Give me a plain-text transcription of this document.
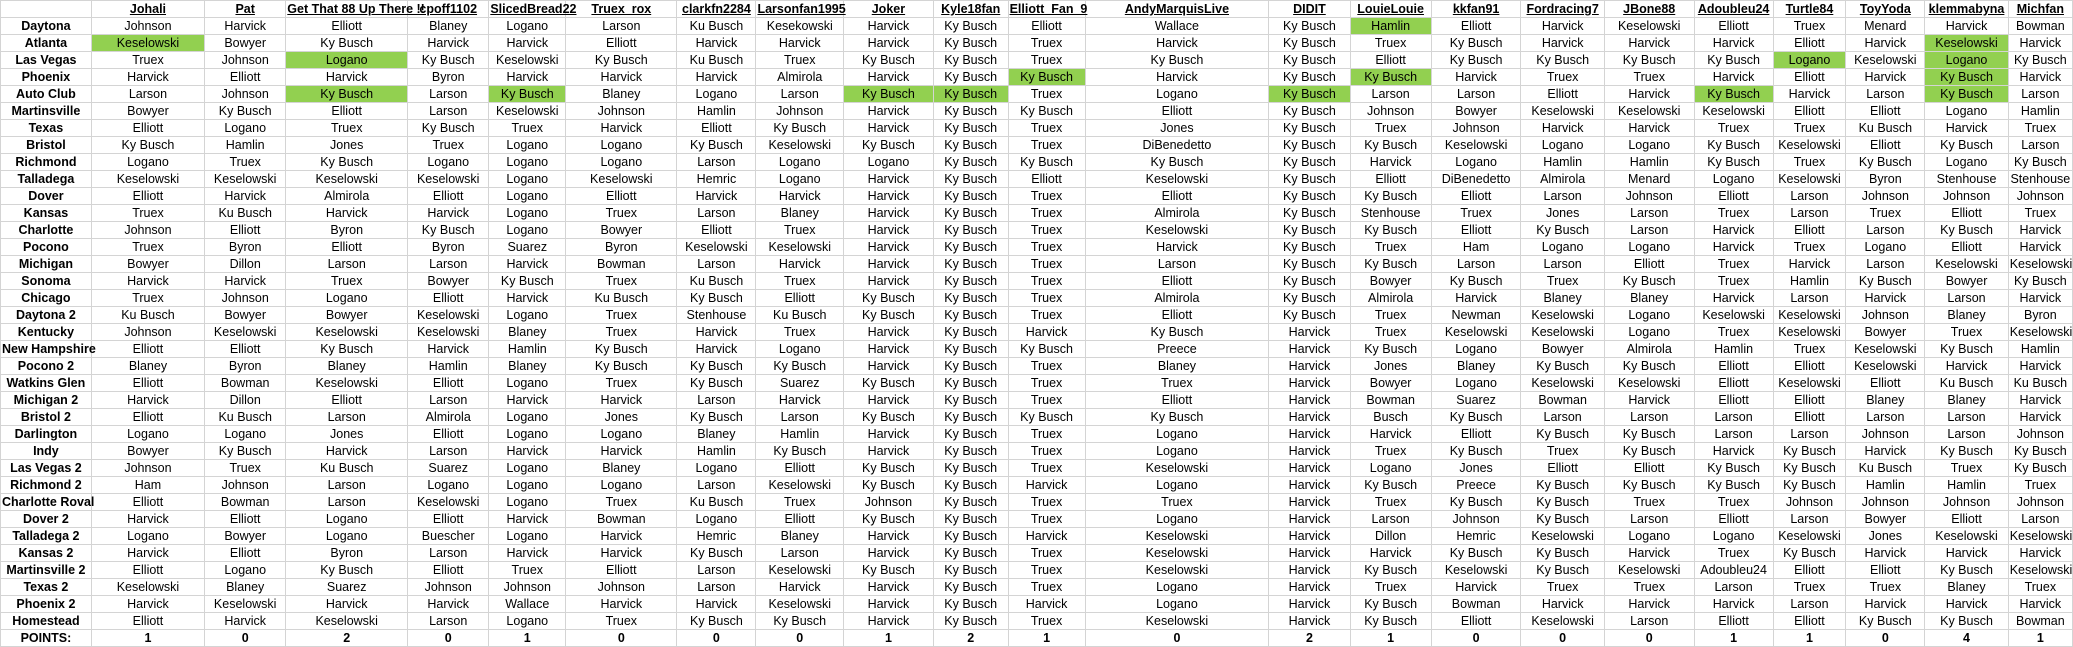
	Johali	Pat	Get That 88 Up There !!	cpoff1102	SlicedBread22	Truex_rox	clarkfn2284	Larsonfan1995	Joker	Kyle18fan	Elliott_Fan_9	AndyMarquisLive	DIDIT	LouieLouie	kkfan91	Fordracing7	JBone88	Adoubleu24	Turtle84	ToyYoda	klemmabyna	Michfan
Daytona	Johnson	Harvick	Elliott	Blaney	Logano	Larson	Ku Busch	Kesekowski	Harvick	Ky Busch	Elliott	Wallace	Ky Busch	Hamlin	Elliott	Harvick	Keselowski	Elliott	Truex	Menard	Harvick	Bowman
Atlanta	Keselowski	Bowyer	Ky Busch	Harvick	Harvick	Elliott	Harvick	Harvick	Harvick	Ky Busch	Truex	Harvick	Ky Busch	Truex	Ky Busch	Harvick	Harvick	Harvick	Elliott	Harvick	Keselowski	Harvick
Las Vegas	Truex	Johnson	Logano	Ky Busch	Keselowski	Ky Busch	Ku Busch	Truex	Ky Busch	Ky Busch	Truex	Ky Busch	Ky Busch	Elliott	Ky Busch	Ky Busch	Ky Busch	Ky Busch	Logano	Keselowski	Logano	Ky Busch
Phoenix	Harvick	Elliott	Harvick	Byron	Harvick	Harvick	Harvick	Almirola	Harvick	Ky Busch	Ky Busch	Harvick	Ky Busch	Ky Busch	Harvick	Truex	Truex	Harvick	Elliott	Harvick	Ky Busch	Harvick
Auto Club	Larson	Johnson	Ky Busch	Larson	Ky Busch	Blaney	Logano	Larson	Ky Busch	Ky Busch	Truex	Logano	Ky Busch	Larson	Larson	Elliott	Harvick	Ky Busch	Harvick	Larson	Ky Busch	Larson
Martinsville	Bowyer	Ky Busch	Elliott	Larson	Keselowski	Johnson	Hamlin	Johnson	Harvick	Ky Busch	Ky Busch	Elliott	Ky Busch	Johnson	Bowyer	Keselowski	Keselowski	Keselowski	Elliott	Elliott	Logano	Hamlin
Texas	Elliott	Logano	Truex	Ky Busch	Truex	Harvick	Elliott	Ky Busch	Harvick	Ky Busch	Truex	Jones	Ky Busch	Truex	Johnson	Harvick	Harvick	Truex	Truex	Ku Busch	Harvick	Truex
Bristol	Ky Busch	Hamlin	Jones	Truex	Logano	Logano	Ky Busch	Keselowski	Ky Busch	Ky Busch	Truex	DiBenedetto	Ky Busch	Ky Busch	Keselowski	Logano	Logano	Ky Busch	Keselowski	Elliott	Ky Busch	Larson
Richmond	Logano	Truex	Ky Busch	Logano	Logano	Logano	Larson	Logano	Logano	Ky Busch	Ky Busch	Ky Busch	Ky Busch	Harvick	Logano	Hamlin	Hamlin	Ky Busch	Truex	Ky Busch	Logano	Ky Busch
Talladega	Keselowski	Keselowski	Keselowski	Keselowski	Logano	Keselowski	Hemric	Logano	Harvick	Ky Busch	Elliott	Keselowski	Ky Busch	Elliott	DiBenedetto	Almirola	Menard	Logano	Keselowski	Byron	Stenhouse	Stenhouse
Dover	Elliott	Harvick	Almirola	Elliott	Logano	Elliott	Harvick	Harvick	Harvick	Ky Busch	Truex	Elliott	Ky Busch	Ky Busch	Elliott	Larson	Johnson	Elliott	Larson	Johnson	Johnson	Johnson
Kansas	Truex	Ku Busch	Harvick	Harvick	Logano	Truex	Larson	Blaney	Harvick	Ky Busch	Truex	Almirola	Ky Busch	Stenhouse	Truex	Jones	Larson	Truex	Larson	Truex	Elliott	Truex
Charlotte	Johnson	Elliott	Byron	Ky Busch	Logano	Bowyer	Elliott	Truex	Harvick	Ky Busch	Truex	Keselowski	Ky Busch	Ky Busch	Elliott	Ky Busch	Larson	Harvick	Elliott	Larson	Ky Busch	Harvick
Pocono	Truex	Byron	Elliott	Byron	Suarez	Byron	Keselowski	Keselowski	Harvick	Ky Busch	Truex	Harvick	Ky Busch	Truex	Ham	Logano	Logano	Harvick	Truex	Logano	Elliott	Harvick
Michigan	Bowyer	Dillon	Larson	Larson	Harvick	Bowman	Larson	Harvick	Harvick	Ky Busch	Truex	Larson	Ky Busch	Ky Busch	Larson	Larson	Elliott	Truex	Harvick	Larson	Keselowski	Keselowski
Sonoma	Harvick	Harvick	Truex	Bowyer	Ky Busch	Truex	Ku Busch	Truex	Harvick	Ky Busch	Truex	Elliott	Ky Busch	Bowyer	Ky Busch	Truex	Ky Busch	Truex	Hamlin	Ky Busch	Bowyer	Ky Busch
Chicago	Truex	Johnson	Logano	Elliott	Harvick	Ku Busch	Ky Busch	Elliott	Ky Busch	Ky Busch	Truex	Almirola	Ky Busch	Almirola	Harvick	Blaney	Blaney	Harvick	Larson	Harvick	Larson	Harvick
Daytona 2	Ku Busch	Bowyer	Bowyer	Keselowski	Logano	Truex	Stenhouse	Ku Busch	Ky Busch	Ky Busch	Truex	Elliott	Ky Busch	Truex	Newman	Keselowski	Logano	Keselowski	Keselowski	Johnson	Blaney	Byron
Kentucky	Johnson	Keselowski	Keselowski	Keselowski	Blaney	Truex	Harvick	Truex	Harvick	Ky Busch	Harvick	Ky Busch	Harvick	Truex	Keselowski	Keselowski	Logano	Truex	Keselowski	Bowyer	Truex	Keselowski
New Hampshire	Elliott	Elliott	Ky Busch	Harvick	Hamlin	Ky Busch	Harvick	Logano	Harvick	Ky Busch	Ky Busch	Preece	Harvick	Ky Busch	Logano	Bowyer	Almirola	Hamlin	Truex	Keselowski	Ky Busch	Hamlin
Pocono 2	Blaney	Byron	Blaney	Hamlin	Blaney	Ky Busch	Ky Busch	Ky Busch	Harvick	Ky Busch	Truex	Blaney	Harvick	Jones	Blaney	Ky Busch	Ky Busch	Elliott	Elliott	Keselowski	Harvick	Harvick
Watkins Glen	Elliott	Bowman	Keselowski	Elliott	Logano	Truex	Ky Busch	Suarez	Ky Busch	Ky Busch	Truex	Truex	Harvick	Bowyer	Logano	Keselowski	Keselowski	Elliott	Keselowski	Elliott	Ku Busch	Ku Busch
Michigan 2	Harvick	Dillon	Elliott	Larson	Harvick	Harvick	Larson	Harvick	Harvick	Ky Busch	Truex	Elliott	Harvick	Bowman	Suarez	Bowman	Harvick	Elliott	Elliott	Blaney	Blaney	Harvick
Bristol 2	Elliott	Ku Busch	Larson	Almirola	Logano	Jones	Ky Busch	Larson	Ky Busch	Ky Busch	Ky Busch	Ky Busch	Harvick	Busch	Ky Busch	Larson	Larson	Larson	Elliott	Larson	Larson	Harvick
Darlington	Logano	Logano	Jones	Elliott	Logano	Logano	Blaney	Hamlin	Harvick	Ky Busch	Truex	Logano	Harvick	Harvick	Elliott	Ky Busch	Ky Busch	Larson	Larson	Johnson	Larson	Johnson
Indy	Bowyer	Ky Busch	Harvick	Larson	Harvick	Harvick	Hamlin	Ky Busch	Harvick	Ky Busch	Truex	Logano	Harvick	Truex	Ky Busch	Truex	Ky Busch	Harvick	Ky Busch	Harvick	Ky Busch	Ky Busch
Las Vegas 2	Johnson	Truex	Ku Busch	Suarez	Logano	Blaney	Logano	Elliott	Ky Busch	Ky Busch	Truex	Keselowski	Harvick	Logano	Jones	Elliott	Elliott	Ky Busch	Ky Busch	Ku Busch	Truex	Ky Busch
Richmond 2	Ham	Johnson	Larson	Logano	Logano	Logano	Larson	Keselowski	Ky Busch	Ky Busch	Harvick	Logano	Harvick	Ky Busch	Preece	Ky Busch	Ky Busch	Ky Busch	Ky Busch	Hamlin	Hamlin	Truex
Charlotte Roval	Elliott	Bowman	Larson	Keselowski	Logano	Truex	Ku Busch	Truex	Johnson	Ky Busch	Truex	Truex	Harvick	Truex	Ky Busch	Ky Busch	Truex	Truex	Johnson	Johnson	Johnson	Johnson
Dover 2	Harvick	Elliott	Logano	Elliott	Harvick	Bowman	Logano	Elliott	Ky Busch	Ky Busch	Truex	Logano	Harvick	Larson	Johnson	Ky Busch	Larson	Elliott	Larson	Bowyer	Elliott	Larson
Talladega 2	Logano	Bowyer	Logano	Buescher	Logano	Harvick	Hemric	Blaney	Harvick	Ky Busch	Harvick	Keselowski	Harvick	Dillon	Hemric	Keselowski	Logano	Logano	Keselowski	Jones	Keselowski	Keselowski
Kansas 2	Harvick	Elliott	Byron	Larson	Harvick	Harvick	Ky Busch	Larson	Harvick	Ky Busch	Truex	Keselowski	Harvick	Harvick	Ky Busch	Ky Busch	Harvick	Truex	Ky Busch	Harvick	Harvick	Harvick
Martinsville 2	Elliott	Logano	Ky Busch	Elliott	Truex	Elliott	Larson	Keselowski	Ky Busch	Ky Busch	Truex	Keselowski	Harvick	Ky Busch	Keselowski	Ky Busch	Keselowski	Adoubleu24	Elliott	Elliott	Ky Busch	Keselowski
Texas 2	Keselowski	Blaney	Suarez	Johnson	Johnson	Johnson	Larson	Harvick	Harvick	Ky Busch	Truex	Logano	Harvick	Truex	Harvick	Truex	Truex	Larson	Truex	Truex	Blaney	Truex
Phoenix 2	Harvick	Keselowski	Harvick	Harvick	Wallace	Harvick	Harvick	Keselowski	Harvick	Ky Busch	Harvick	Logano	Harvick	Ky Busch	Bowman	Harvick	Harvick	Harvick	Larson	Harvick	Harvick	Harvick
Homestead	Elliott	Harvick	Keselowski	Larson	Logano	Truex	Ky Busch	Ky Busch	Harvick	Ky Busch	Truex	Keselowski	Harvick	Ky Busch	Elliott	Keselowski	Larson	Elliott	Elliott	Ky Busch	Ky Busch	Bowman
POINTS:	1	0	2	0	1	0	0	0	1	2	1	0	2	1	0	0	0	1	1	0	4	1
